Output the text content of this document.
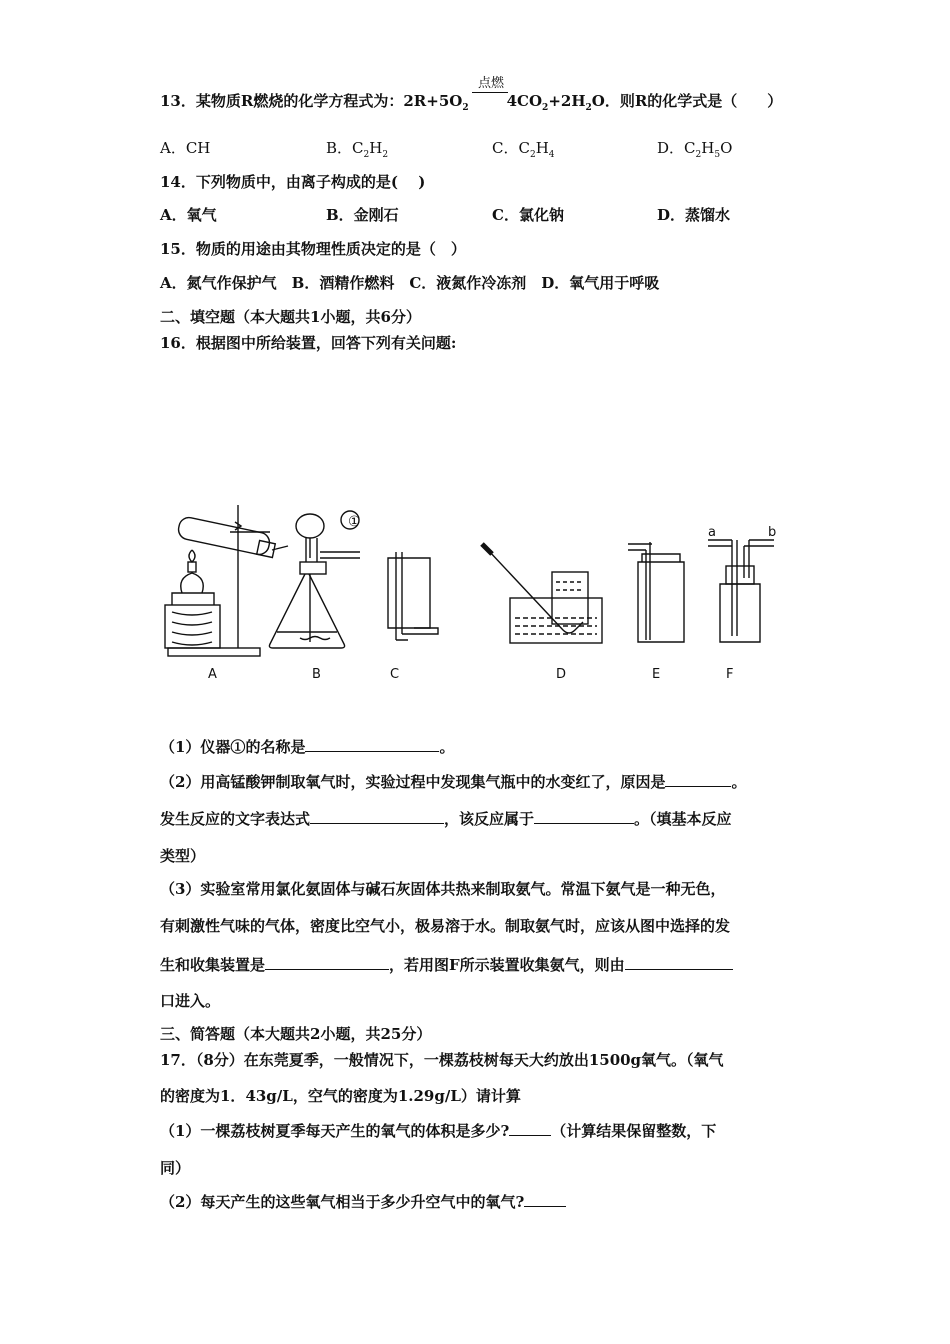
点燃
13．某物质R燃烧的化学方程式为：$2R+5O_2$	$4CO_2+2H_2O$．则R的化学式是（　　）
A．CH	B．$C_2H_2$	C．$C_2H_4$	D．$C_2H_5O$
14．下列物质中，由离子构成的是(　 )
A．氧气	B．金刚石	C．氯化钠	D．蒸馏水
15．物质的用途由其物理性质决定的是（　）
A．氮气作保护气　B．酒精作燃料　C．液氮作冷冻剂　D．氧气用于呼吸
二、填空题（本大题共1小题，共6分）
16．根据图中所给装置，回答下列有关问题:
①
a	b
A	B	C	D	E	F
（1）仪器①的名称是	。
（2）用高锰酸钾制取氧气时，实验过程中发现集气瓶中的水变红了，原因是	。
发生反应的文字表达式	，该反应属于	。（填基本反应
类型）
（3）实验室常用氯化氨固体与碱石灰固体共热来制取氨气。常温下氨气是一种无色，
有刺激性气味的气体，密度比空气小，极易溶于水。制取氨气时，应该从图中选择的发
生和收集装置是	，若用图F所示装置收集氨气，则由
口进入。
三、简答题（本大题共2小题，共25分）
17．（8分）在东莞夏季，一般情况下，一棵荔枝树每天大约放出1500g氧气。（氧气
的密度为1．43g/L，空气的密度为1.29g/L）请计算
（1）一棵荔枝树夏季每天产生的氧气的体积是多少?	（计算结果保留整数，下
同）
（2）每天产生的这些氧气相当于多少升空气中的氧气?
